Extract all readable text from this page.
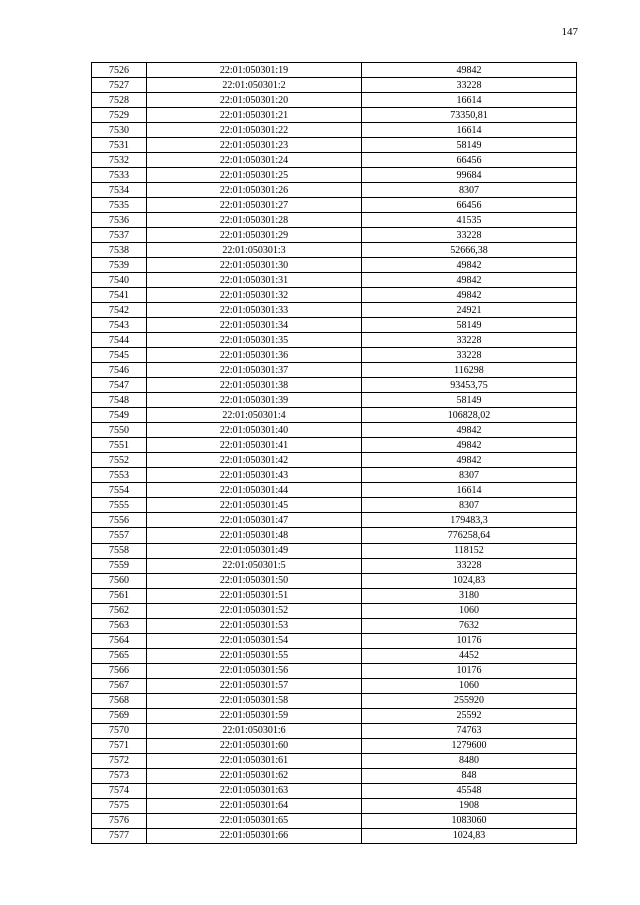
147
7526	22:01:050301:19	49842
7527	22:01:050301:2	33228
7528	22:01:050301:20	16614
7529	22:01:050301:21	73350,81
7530	22:01:050301:22	16614
7531	22:01:050301:23	58149
7532	22:01:050301:24	66456
7533	22:01:050301:25	99684
7534	22:01:050301:26	8307
7535	22:01:050301:27	66456
7536	22:01:050301:28	41535
7537	22:01:050301:29	33228
7538	22:01:050301:3	52666,38
7539	22:01:050301:30	49842
7540	22:01:050301:31	49842
7541	22:01:050301:32	49842
7542	22:01:050301:33	24921
7543	22:01:050301:34	58149
7544	22:01:050301:35	33228
7545	22:01:050301:36	33228
7546	22:01:050301:37	116298
7547	22:01:050301:38	93453,75
7548	22:01:050301:39	58149
7549	22:01:050301:4	106828,02
7550	22:01:050301:40	49842
7551	22:01:050301:41	49842
7552	22:01:050301:42	49842
7553	22:01:050301:43	8307
7554	22:01:050301:44	16614
7555	22:01:050301:45	8307
7556	22:01:050301:47	179483,3
7557	22:01:050301:48	776258,64
7558	22:01:050301:49	118152
7559	22:01:050301:5	33228
7560	22:01:050301:50	1024,83
7561	22:01:050301:51	3180
7562	22:01:050301:52	1060
7563	22:01:050301:53	7632
7564	22:01:050301:54	10176
7565	22:01:050301:55	4452
7566	22:01:050301:56	10176
7567	22:01:050301:57	1060
7568	22:01:050301:58	255920
7569	22:01:050301:59	25592
7570	22:01:050301:6	74763
7571	22:01:050301:60	1279600
7572	22:01:050301:61	8480
7573	22:01:050301:62	848
7574	22:01:050301:63	45548
7575	22:01:050301:64	1908
7576	22:01:050301:65	1083060
7577	22:01:050301:66	1024,83
